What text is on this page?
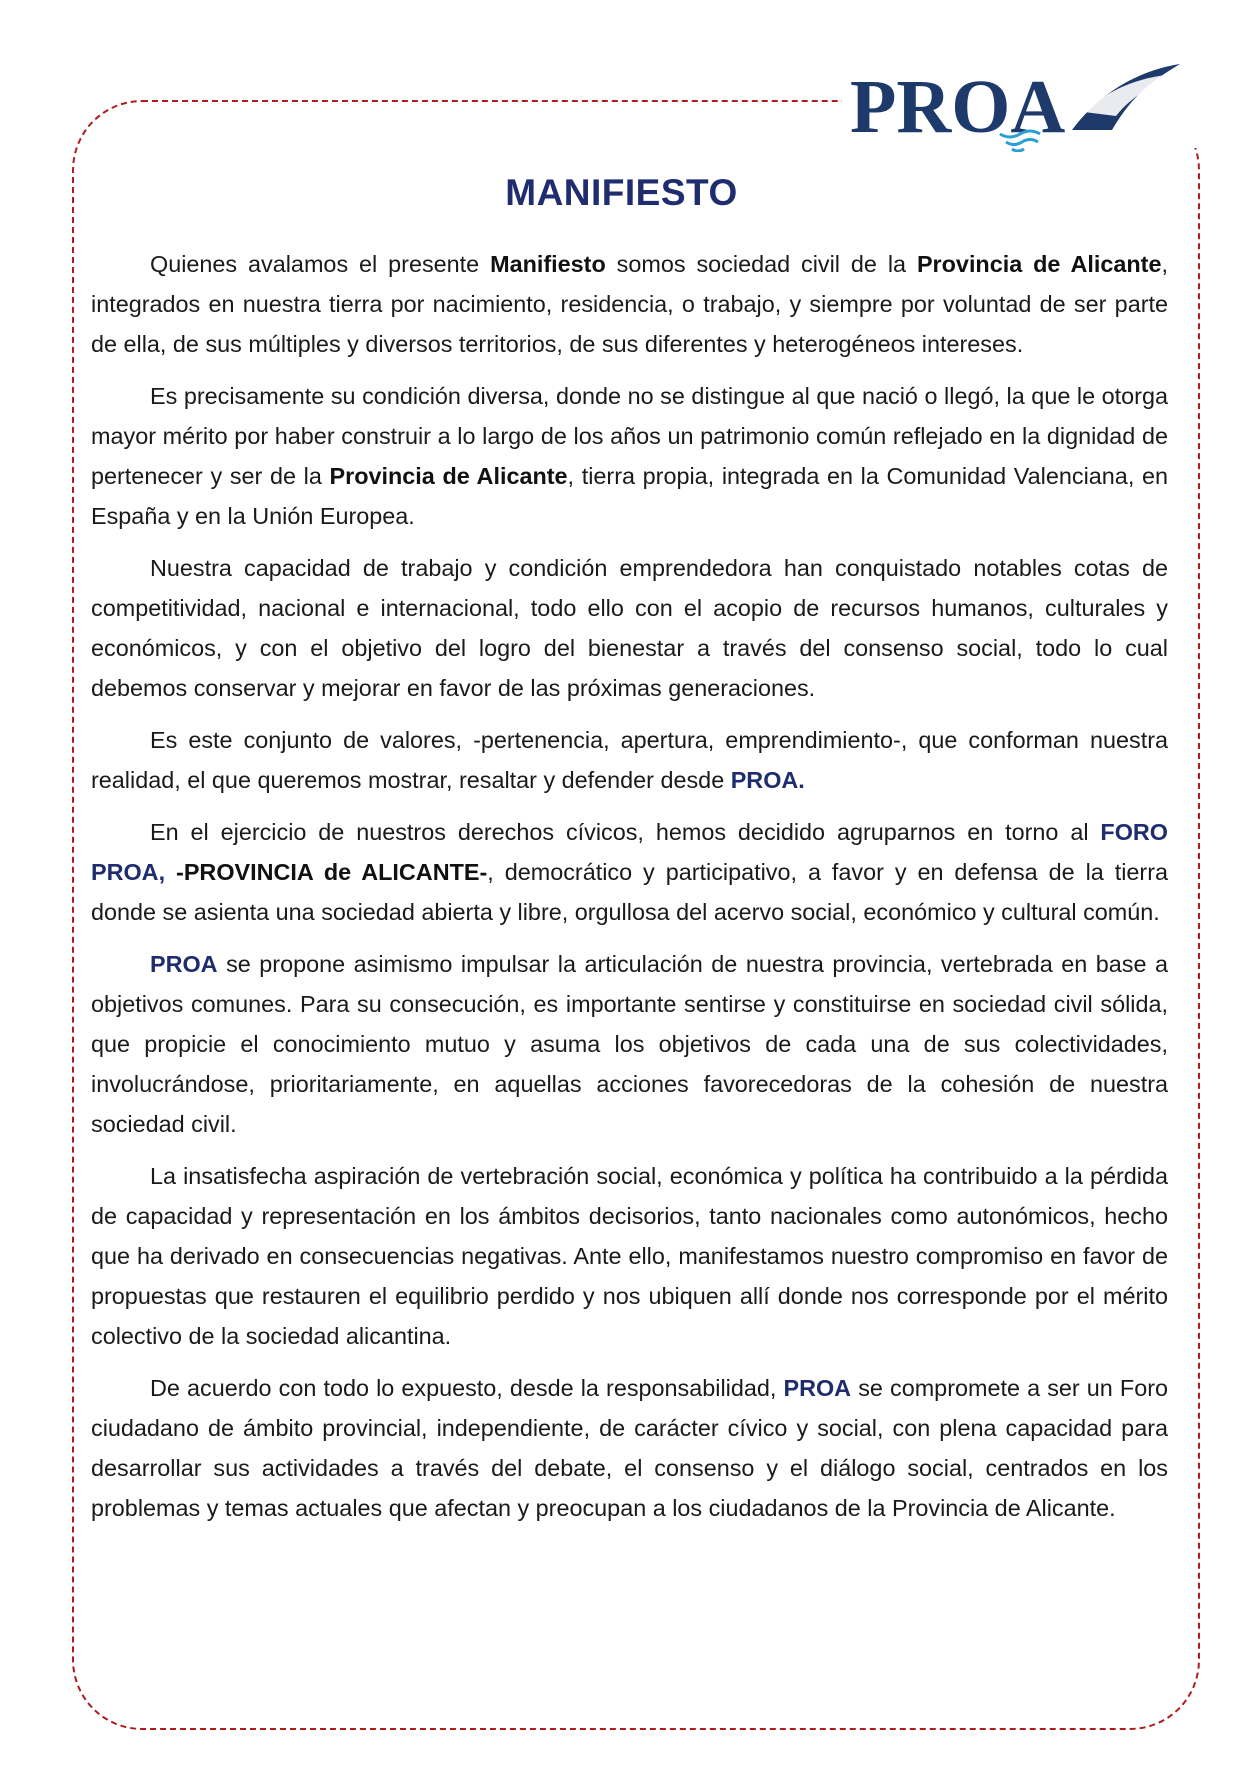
PROA
MANIFIESTO

Quienes avalamos el presente Manifiesto somos sociedad civil de la Provincia de Alicante, integrados en nuestra tierra por nacimiento, residencia, o trabajo, y siempre por voluntad de ser parte de ella, de sus múltiples y diversos territorios, de sus diferentes y heterogéneos intereses.

Es precisamente su condición diversa, donde no se distingue al que nació o llegó, la que le otorga mayor mérito por haber construir a lo largo de los años un patrimonio común reflejado en la dignidad de pertenecer y ser de la Provincia de Alicante, tierra propia, integrada en la Comunidad Valenciana, en España y en la Unión Europea.

Nuestra capacidad de trabajo y condición emprendedora han conquistado notables cotas de competitividad, nacional e internacional, todo ello con el acopio de recursos humanos, culturales y económicos, y con el objetivo del logro del bienestar a través del consenso social, todo lo cual debemos conservar y mejorar en favor de las próximas generaciones.

Es este conjunto de valores, -pertenencia, apertura, emprendimiento-, que conforman nuestra realidad, el que queremos mostrar, resaltar y defender desde PROA.

En el ejercicio de nuestros derechos cívicos, hemos decidido agruparnos en torno al FORO PROA, -PROVINCIA de ALICANTE-, democrático y participativo, a favor y en defensa de la tierra donde se asienta una sociedad abierta y libre, orgullosa del acervo social, económico y cultural común.

PROA se propone asimismo impulsar la articulación de nuestra provincia, vertebrada en base a objetivos comunes. Para su consecución, es importante sentirse y constituirse en sociedad civil sólida, que propicie el conocimiento mutuo y asuma los objetivos de cada una de sus colectividades, involucrándose, prioritariamente, en aquellas acciones favorecedoras de la cohesión de nuestra sociedad civil.

La insatisfecha aspiración de vertebración social, económica y política ha contribuido a la pérdida de capacidad y representación en los ámbitos decisorios, tanto nacionales como autonómicos, hecho que ha derivado en consecuencias negativas. Ante ello, manifestamos nuestro compromiso en favor de propuestas que restauren el equilibrio perdido y nos ubiquen allí donde nos corresponde por el mérito colectivo de la sociedad alicantina.

De acuerdo con todo lo expuesto, desde la responsabilidad, PROA se compromete a ser un Foro ciudadano de ámbito provincial, independiente, de carácter cívico y social, con plena capacidad para desarrollar sus actividades a través del debate, el consenso y el diálogo social, centrados en los problemas y temas actuales que afectan y preocupan a los ciudadanos de la Provincia de Alicante.
